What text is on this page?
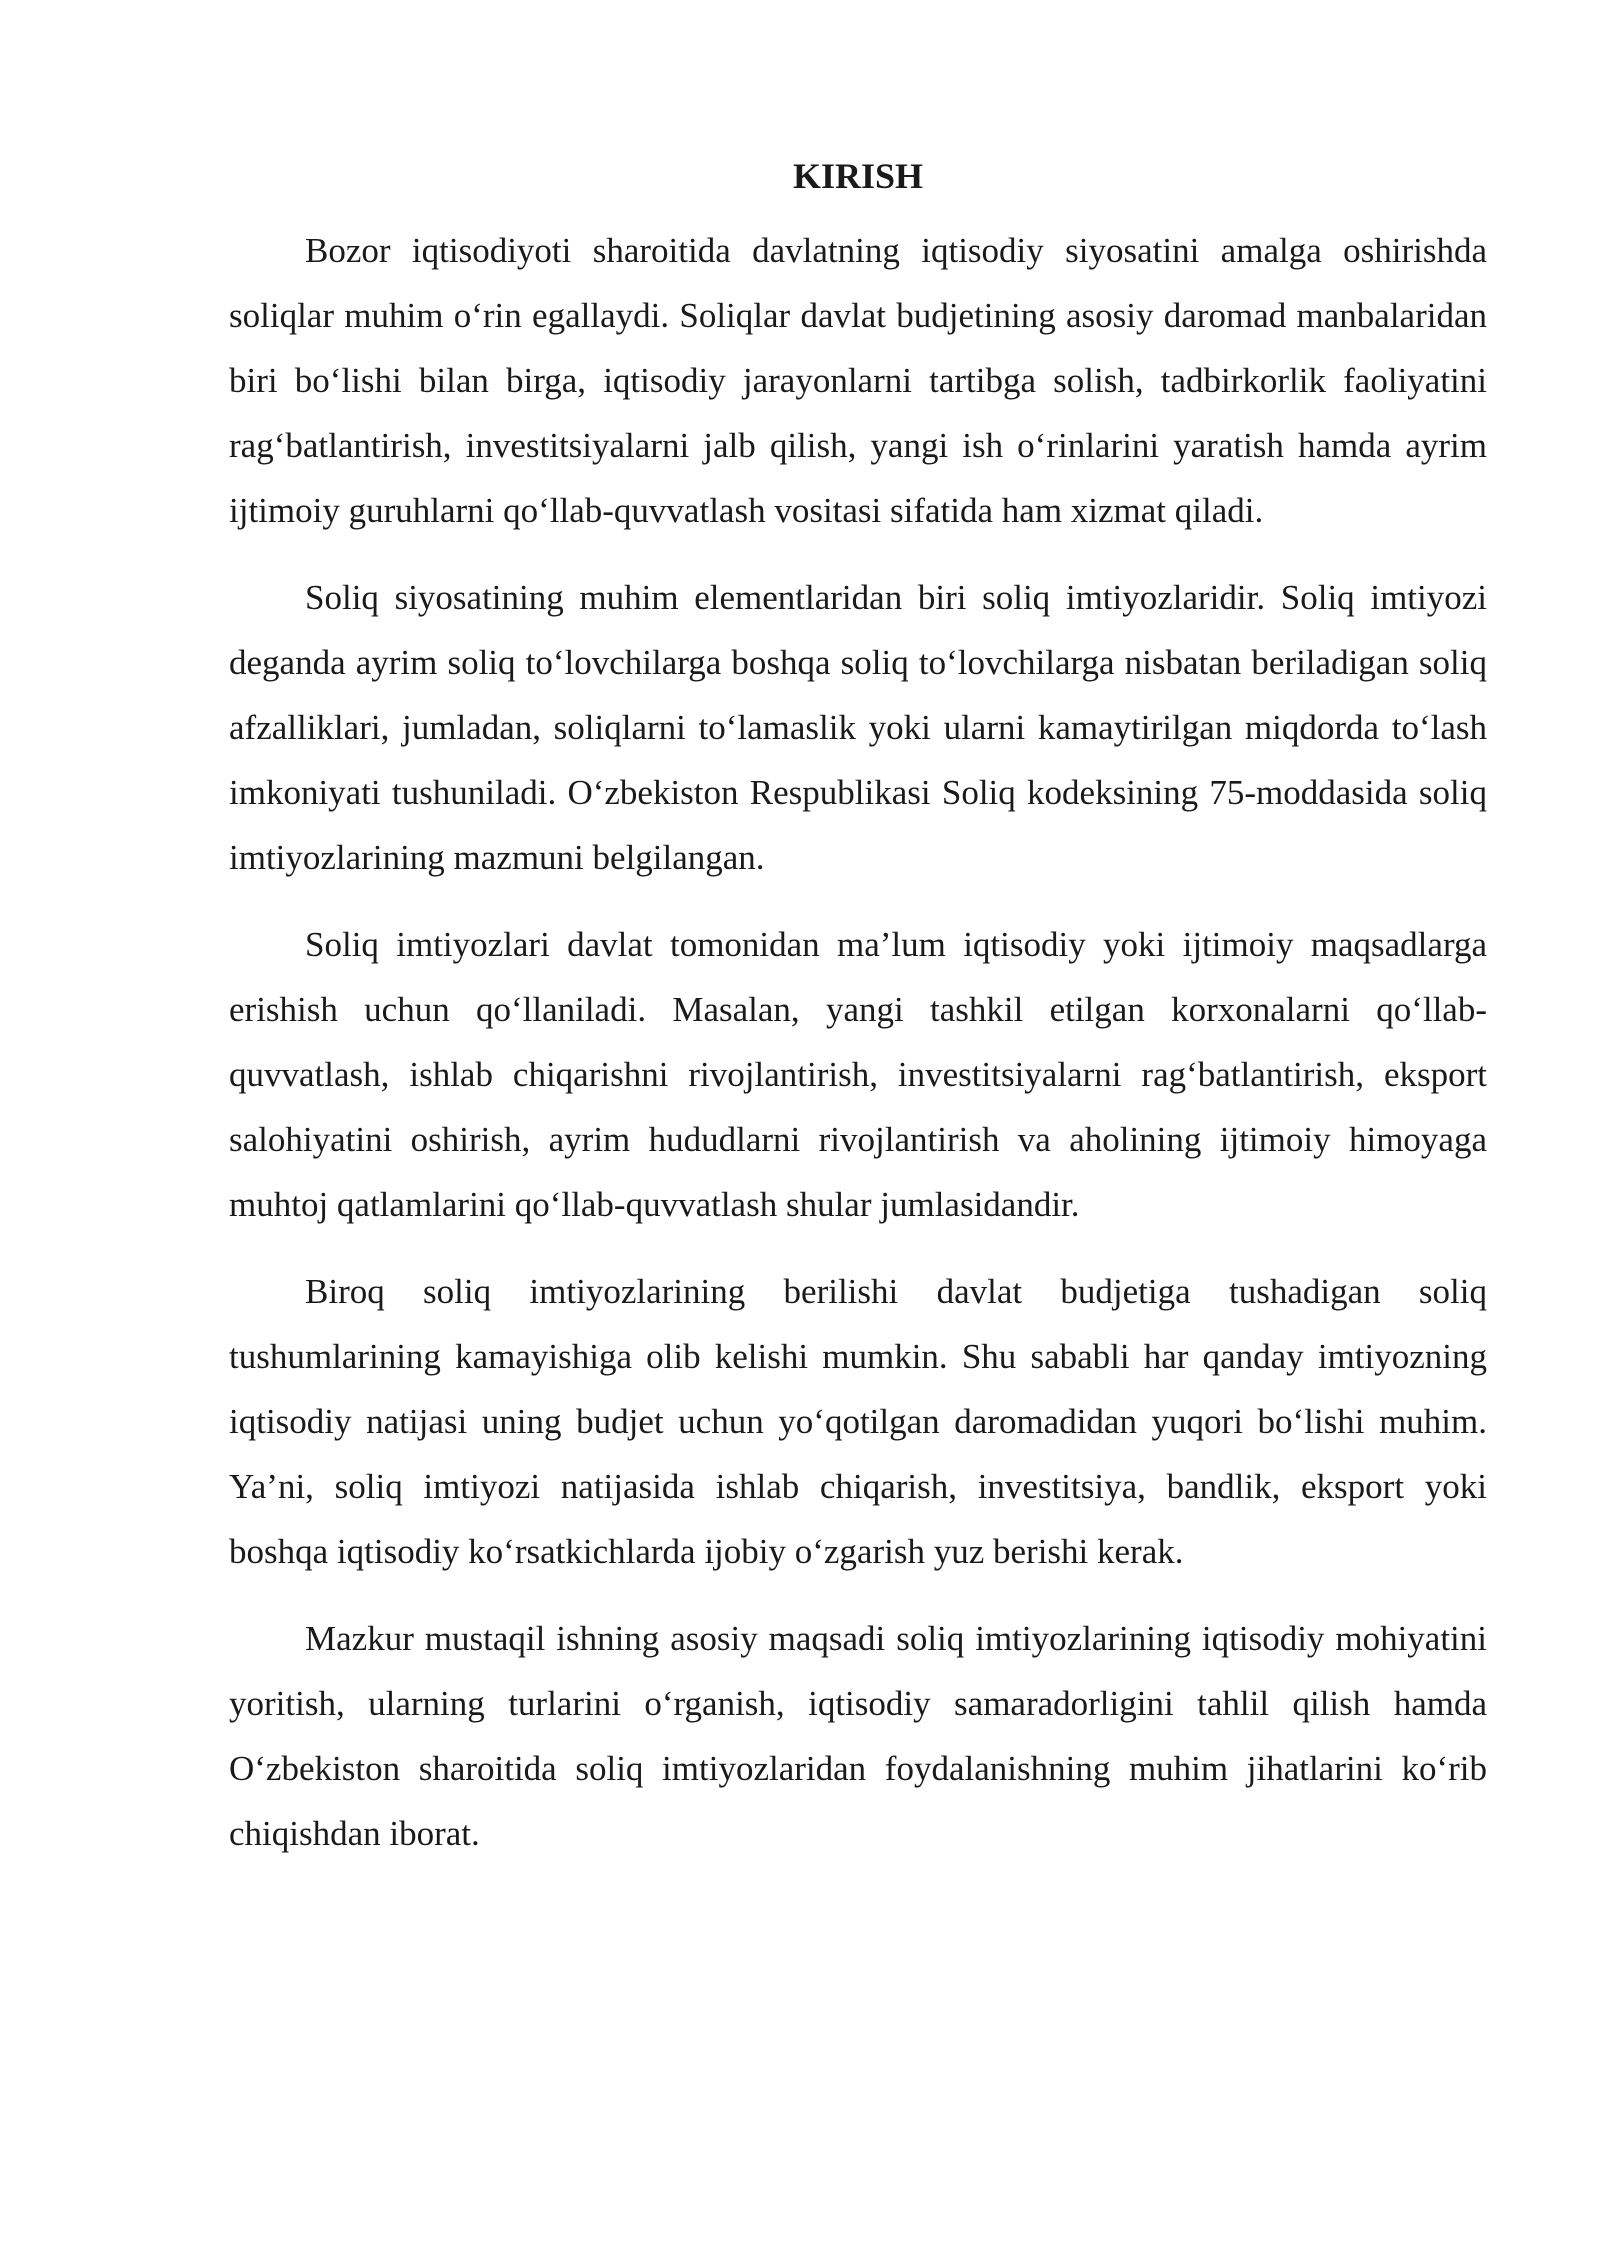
KIRISH

Bozor iqtisodiyoti sharoitida davlatning iqtisodiy siyosatini amalga oshirishda soliqlar muhim o‘rin egallaydi. Soliqlar davlat budjetining asosiy daromad manbalaridan biri bo‘lishi bilan birga, iqtisodiy jarayonlarni tartibga solish, tadbirkorlik faoliyatini rag‘batlantirish, investitsiyalarni jalb qilish, yangi ish o‘rinlarini yaratish hamda ayrim ijtimoiy guruhlarni qo‘llab-quvvatlash vositasi sifatida ham xizmat qiladi.

Soliq siyosatining muhim elementlaridan biri soliq imtiyozlaridir. Soliq imtiyozi deganda ayrim soliq to‘lovchilarga boshqa soliq to‘lovchilarga nisbatan beriladigan soliq afzalliklari, jumladan, soliqlarni to‘lamaslik yoki ularni kamaytirilgan miqdorda to‘lash imkoniyati tushuniladi. O‘zbekiston Respublikasi Soliq kodeksining 75-moddasida soliq imtiyozlarining mazmuni belgilangan.

Soliq imtiyozlari davlat tomonidan ma’lum iqtisodiy yoki ijtimoiy maqsadlarga erishish uchun qo‘llaniladi. Masalan, yangi tashkil etilgan korxonalarni qo‘llab-quvvatlash, ishlab chiqarishni rivojlantirish, investitsiyalarni rag‘batlantirish, eksport salohiyatini oshirish, ayrim hududlarni rivojlantirish va aholining ijtimoiy himoyaga muhtoj qatlamlarini qo‘llab-quvvatlash shular jumlasidandir.

Biroq soliq imtiyozlarining berilishi davlat budjetiga tushadigan soliq tushumlarining kamayishiga olib kelishi mumkin. Shu sababli har qanday imtiyozning iqtisodiy natijasi uning budjet uchun yo‘qotilgan daromadidan yuqori bo‘lishi muhim. Ya’ni, soliq imtiyozi natijasida ishlab chiqarish, investitsiya, bandlik, eksport yoki boshqa iqtisodiy ko‘rsatkichlarda ijobiy o‘zgarish yuz berishi kerak.

Mazkur mustaqil ishning asosiy maqsadi soliq imtiyozlarining iqtisodiy mohiyatini yoritish, ularning turlarini o‘rganish, iqtisodiy samaradorligini tahlil qilish hamda O‘zbekiston sharoitida soliq imtiyozlaridan foydalanishning muhim jihatlarini ko‘rib chiqishdan iborat.
